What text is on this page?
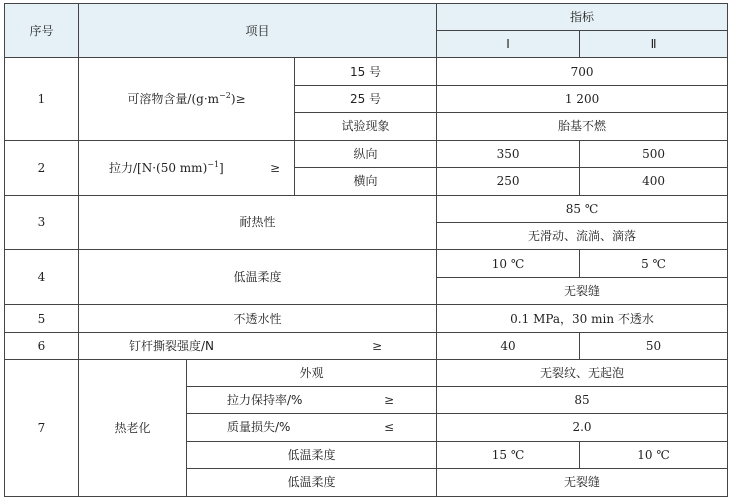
序号	项目			指标	
				Ⅰ	Ⅱ
1	可溶物含量$/(g\cdot m^{-2})\ge$		15 号	700	
			25 号	1 200	
			试验现象	胎基不燃	
2	拉力/[N·(50 mm)$^{-1}$] ≥		纵向	350	500
			横向	250	400
3	耐热性			85 ℃	
				无滑动、流淌、滴落	
4	低温柔度			10 ℃	5 ℃
				无裂缝	
5	不透水性			0.1 MPa，30 min 不透水	
6	钉杆撕裂强度/N ≥			40	50
7	热老化	外观		无裂纹、无起泡	

		拉力保持率/% ≥		85	

		质量损失/% ≤		2.0	
		低温柔度		15 ℃	10 ℃
		低温柔度		无裂缝	
